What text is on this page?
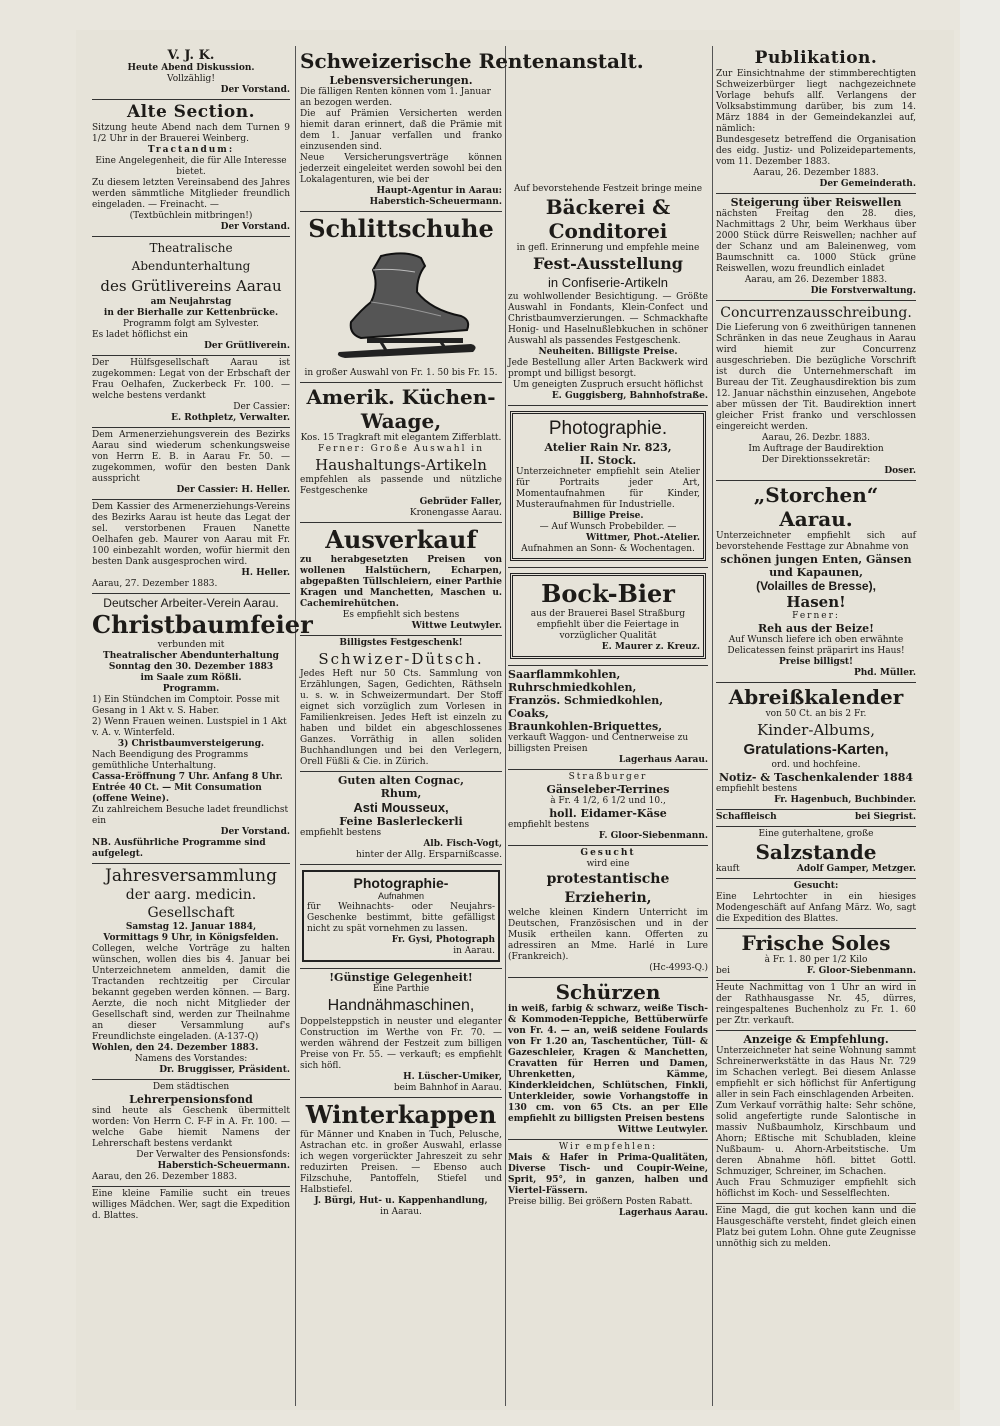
V. J. K.
Heute Abend Diskussion.
Vollzählig!
Der Vorstand.
Alte Section.
Sitzung heute Abend nach dem Turnen 9 1/2 Uhr in der Brauerei Weinberg.
Tractandum:
Eine Angelegenheit, die für Alle Interesse bietet.
Zu diesem letzten Vereinsabend des Jahres werden sämmtliche Mitglieder freundlich eingeladen. — Freinacht. —
(Textbüchlein mitbringen!)
Der Vorstand.
Theatralische Abendunterhaltung
des Grütlivereins Aarau
am Neujahrstag
in der Bierhalle zur Kettenbrücke.
Programm folgt am Sylvester.
Es ladet höflichst ein
Der Grütliverein.
Der Hülfsgesellschaft Aarau ist zugekommen: Legat von der Erbschaft der Frau Oelhafen, Zuckerbeck Fr. 100. — welche bestens verdankt
Der Cassier:
E. Rothpletz, Verwalter.
Dem Armenerziehungsverein des Bezirks Aarau sind wiederum schenkungsweise von Herrn E. B. in Aarau Fr. 50. — zugekommen, wofür den besten Dank ausspricht
Der Cassier: H. Heller.
Dem Kassier des Armenerziehungs-Vereins des Bezirks Aarau ist heute das Legat der sel. verstorbenen Frauen Nanette Oelhafen geb. Maurer von Aarau mit Fr. 100 einbezahlt worden, wofür hiermit den besten Dank ausgesprochen wird.
H. Heller.
Aarau, 27. Dezember 1883.
Deutscher Arbeiter-Verein Aarau.
Christbaumfeier
verbunden mit
Theatralischer Abendunterhaltung
Sonntag den 30. Dezember 1883
im Saale zum Rößli.
Programm.
1) Ein Stündchen im Comptoir. Posse mit Gesang in 1 Akt v. S. Haber.
2) Wenn Frauen weinen. Lustspiel in 1 Akt v. A. v. Winterfeld.
3) Christbaumversteigerung.
Nach Beendigung des Programms gemüthliche Unterhaltung.
Cassa-Eröffnung 7 Uhr. Anfang 8 Uhr.
Entrée 40 Ct. — Mit Consumation (offene Weine).
Zu zahlreichem Besuche ladet freundlichst ein
Der Vorstand.
NB. Ausführliche Programme sind aufgelegt.
Jahresversammlung
der aarg. medicin. Gesellschaft
Samstag 12. Januar 1884,
Vormittags 9 Uhr, in Königsfelden.
Collegen, welche Vorträge zu halten wünschen, wollen dies bis 4. Januar bei Unterzeichnetem anmelden, damit die Tractanden rechtzeitig per Circular bekannt gegeben werden können. — Barg. Aerzte, die noch nicht Mitglieder der Gesellschaft sind, werden zur Theilnahme an dieser Versammlung auf's Freundlichste eingeladen. (A-137-Q)
Wohlen, den 24. Dezember 1883.
Namens des Vorstandes:
Dr. Bruggisser, Präsident.
Dem städtischen
Lehrerpensionsfond
sind heute als Geschenk übermittelt worden: Von Herrn C. F-F in A. Fr. 100. — welche Gabe hiemit Namens der Lehrerschaft bestens verdankt
Der Verwalter des Pensionsfonds:
Haberstich-Scheuermann.
Aarau, den 26. Dezember 1883.
Eine kleine Familie sucht ein treues williges Mädchen. Wer, sagt die Expedition d. Blattes.
Schweizerische Rentenanstalt.
Lebensversicherungen.
Die fälligen Renten können vom 1. Januar an bezogen werden.
Die auf Prämien Versicherten werden hiemit daran erinnert, daß die Prämie mit dem 1. Januar verfallen und franko einzusenden sind.
Neue Versicherungsverträge können jederzeit eingeleitet werden sowohl bei den Lokalagenturen, wie bei der
Haupt-Agentur in Aarau:
Haberstich-Scheuermann.
Schlittschuhe
in großer Auswahl von Fr. 1. 50 bis Fr. 15.
Amerik. Küchen-Waage,
Kos. 15 Tragkraft mit elegantem Zifferblatt.
Ferner: Große Auswahl in
Haushaltungs-Artikeln
empfehlen als passende und nützliche Festgeschenke
Gebrüder Faller,
Kronengasse Aarau.
Ausverkauf
zu herabgesetzten Preisen von wollenen Halstüchern, Echarpen, abgepaßten Tüllschleiern, einer Parthie Kragen und Manchetten, Maschen u. Cachemirehütchen.
Es empfiehlt sich bestens
Wittwe Leutwyler.
Billigstes Festgeschenk!
Schwizer-Dütsch.
Jedes Heft nur 50 Cts. Sammlung von Erzählungen, Sagen, Gedichten, Räthseln u. s. w. in Schweizermundart. Der Stoff eignet sich vorzüglich zum Vorlesen in Familienkreisen. Jedes Heft ist einzeln zu haben und bildet ein abgeschlossenes Ganzes. Vorräthig in allen soliden Buchhandlungen und bei den Verlegern, Orell Füßli & Cie. in Zürich.
Guten alten Cognac,
Rhum,
Asti Mousseux,
Feine Baslerleckerli
empfiehlt bestens
Alb. Fisch-Vogt,
hinter der Allg. Ersparnißcasse.
Photographie-
Aufnahmen
für Weihnachts- oder Neujahrs-Geschenke bestimmt, bitte gefälligst nicht zu spät vornehmen zu lassen.
Fr. Gysi, Photograph
in Aarau.
!Günstige Gelegenheit!
Eine Parthie
Handnähmaschinen,
Doppelsteppstich in neuster und eleganter Construction im Werthe von Fr. 70. — werden während der Festzeit zum billigen Preise von Fr. 55. — verkauft; es empfiehlt sich höfl.
H. Lüscher-Umiker,
beim Bahnhof in Aarau.
Winterkappen
für Männer und Knaben in Tuch, Pelusche, Astrachan etc. in großer Auswahl, erlasse ich wegen vorgerückter Jahreszeit zu sehr reduzirten Preisen. — Ebenso auch Filzschuhe, Pantoffeln, Stiefel und Halbstiefel.
J. Bürgi, Hut- u. Kappenhandlung,
in Aarau.
Auf bevorstehende Festzeit bringe meine
Bäckerei & Conditorei
in gefl. Erinnerung und empfehle meine
Fest-Ausstellung
in Confiserie-Artikeln
zu wohlwollender Besichtigung. — Größte Auswahl in Fondants, Klein-Confect und Christbaumverzierungen. — Schmackhafte Honig- und Haselnußlebkuchen in schöner Auswahl als passendes Festgeschenk.
Neuheiten. Billigste Preise.
Jede Bestellung aller Arten Backwerk wird prompt und billigst besorgt.
Um geneigten Zuspruch ersucht höflichst
E. Guggisberg, Bahnhofstraße.
Photographie.
Atelier Rain Nr. 823,
II. Stock.
Unterzeichneter empfiehlt sein Atelier für Portraits jeder Art, Momentaufnahmen für Kinder, Musteraufnahmen für Industrielle.
Billige Preise.
— Auf Wunsch Probebilder. —
Wittmer, Phot.-Atelier.
Aufnahmen an Sonn- & Wochentagen.
Bock-Bier
aus der Brauerei Basel Straßburg empfiehlt über die Feiertage in vorzüglicher Qualität
E. Maurer z. Kreuz.
Saarflammkohlen,
Ruhrschmiedkohlen,
Französ. Schmiedkohlen,
Coaks,
Braunkohlen-Briquettes,
verkauft Waggon- und Centnerweise zu billigsten Preisen
Lagerhaus Aarau.
Straßburger
Gänseleber-Terrines
à Fr. 4 1/2, 6 1/2 und 10.,
holl. Eidamer-Käse
empfiehlt bestens
F. Gloor-Siebenmann.
Gesucht
wird eine
protestantische Erzieherin,
welche kleinen Kindern Unterricht im Deutschen, Französischen und in der Musik ertheilen kann. Offerten zu adressiren an Mme. Harlé in Lure (Frankreich).
(Hc-4993-Q.)
Schürzen
in weiß, farbig & schwarz, weiße Tisch- & Kommoden-Teppiche, Bettüberwürfe von Fr. 4. — an, weiß seidene Foulards von Fr 1.20 an, Taschentücher, Tüll- & Gazeschleier, Kragen & Manchetten, Cravatten für Herren und Damen, Uhrenketten, Kämme, Kinderkleidchen, Schlütschen, Finkli, Unterkleider, sowie Vorhangstoffe in 130 cm. von 65 Cts. an per Elle empfiehlt zu billigsten Preisen bestens
Wittwe Leutwyler.
Wir empfehlen:
Mais & Hafer in Prima-Qualitäten, Diverse Tisch- und Coupir-Weine, Sprit, 95°, in ganzen, halben und Viertel-Fässern.
Preise billig. Bei größern Posten Rabatt.
Lagerhaus Aarau.
Publikation.
Zur Einsichtnahme der stimmberechtigten Schweizerbürger liegt nachgezeichnete Vorlage behufs allf. Verlangens der Volksabstimmung darüber, bis zum 14. März 1884 in der Gemeindekanzlei auf, nämlich:
Bundesgesetz betreffend die Organisation des eidg. Justiz- und Polizeidepartements, vom 11. Dezember 1883.
Aarau, 26. Dezember 1883.
Der Gemeinderath.
Steigerung über Reiswellen
nächsten Freitag den 28. dies, Nachmittags 2 Uhr, beim Werkhaus über 2000 Stück dürre Reiswellen; nachher auf der Schanz und am Baleinenweg, vom Baumschnitt ca. 1000 Stück grüne Reiswellen, wozu freundlich einladet
Aarau, am 26. Dezember 1883.
Die Forstverwaltung.
Concurrenzausschreibung.
Die Lieferung von 6 zweithürigen tannenen Schränken in das neue Zeughaus in Aarau wird hiemit zur Concurrenz ausgeschrieben. Die bezügliche Vorschrift ist durch die Unternehmerschaft im Bureau der Tit. Zeughausdirektion bis zum 12. Januar nächsthin einzusehen, Angebote aber müssen der Tit. Baudirektion innert gleicher Frist franko und verschlossen eingereicht werden.
Aarau, 26. Dezbr. 1883.
Im Auftrage der Baudirektion
Der Direktionssekretär:
Doser.
„Storchen“ Aarau.
Unterzeichneter empfiehlt sich auf bevorstehende Festtage zur Abnahme von
schönen jungen Enten, Gänsen
und Kapaunen,
(Volailles de Bresse),
Hasen!
Ferner:
Reh aus der Beize!
Auf Wunsch liefere ich oben erwähnte Delicatessen feinst präparirt ins Haus!
Preise billigst!
Phd. Müller.
Abreißkalender
von 50 Ct. an bis 2 Fr.
Kinder-Albums,
Gratulations-Karten,
ord. und hochfeine.
Notiz- & Taschenkalender 1884
empfiehlt bestens
Fr. Hagenbuch, Buchbinder.
Schaffleisch	bei Siegrist.
Eine guterhaltene, große
Salzstande
kauft	Adolf Gamper, Metzger.
Gesucht:
Eine Lehrtochter in ein hiesiges Modengeschäft auf Anfang März. Wo, sagt die Expedition des Blattes.
Frische Soles
à Fr. 1. 80 per 1/2 Kilo
bei	F. Gloor-Siebenmann.
Heute Nachmittag von 1 Uhr an wird in der Rathhausgasse Nr. 45, dürres, reingespaltenes Buchenholz zu Fr. 1. 60 per Ztr. verkauft.
Anzeige & Empfehlung.
Unterzeichneter hat seine Wohnung sammt Schreinerwerkstätte in das Haus Nr. 729 im Schachen verlegt. Bei diesem Anlasse empfiehlt er sich höflichst für Anfertigung aller in sein Fach einschlagenden Arbeiten.
Zum Verkauf vorräthig halte: Sehr schöne, solid angefertigte runde Salontische in massiv Nußbaumholz, Kirschbaum und Ahorn; Eßtische mit Schubladen, kleine Nußbaum- u. Ahorn-Arbeitstische. Um deren Abnahme höfl. bittet Gottl. Schmuziger, Schreiner, im Schachen.
Auch Frau Schmuziger empfiehlt sich höflichst im Koch- und Sesselflechten.
Eine Magd, die gut kochen kann und die Hausgeschäfte versteht, findet gleich einen Platz bei gutem Lohn. Ohne gute Zeugnisse unnöthig sich zu melden.
